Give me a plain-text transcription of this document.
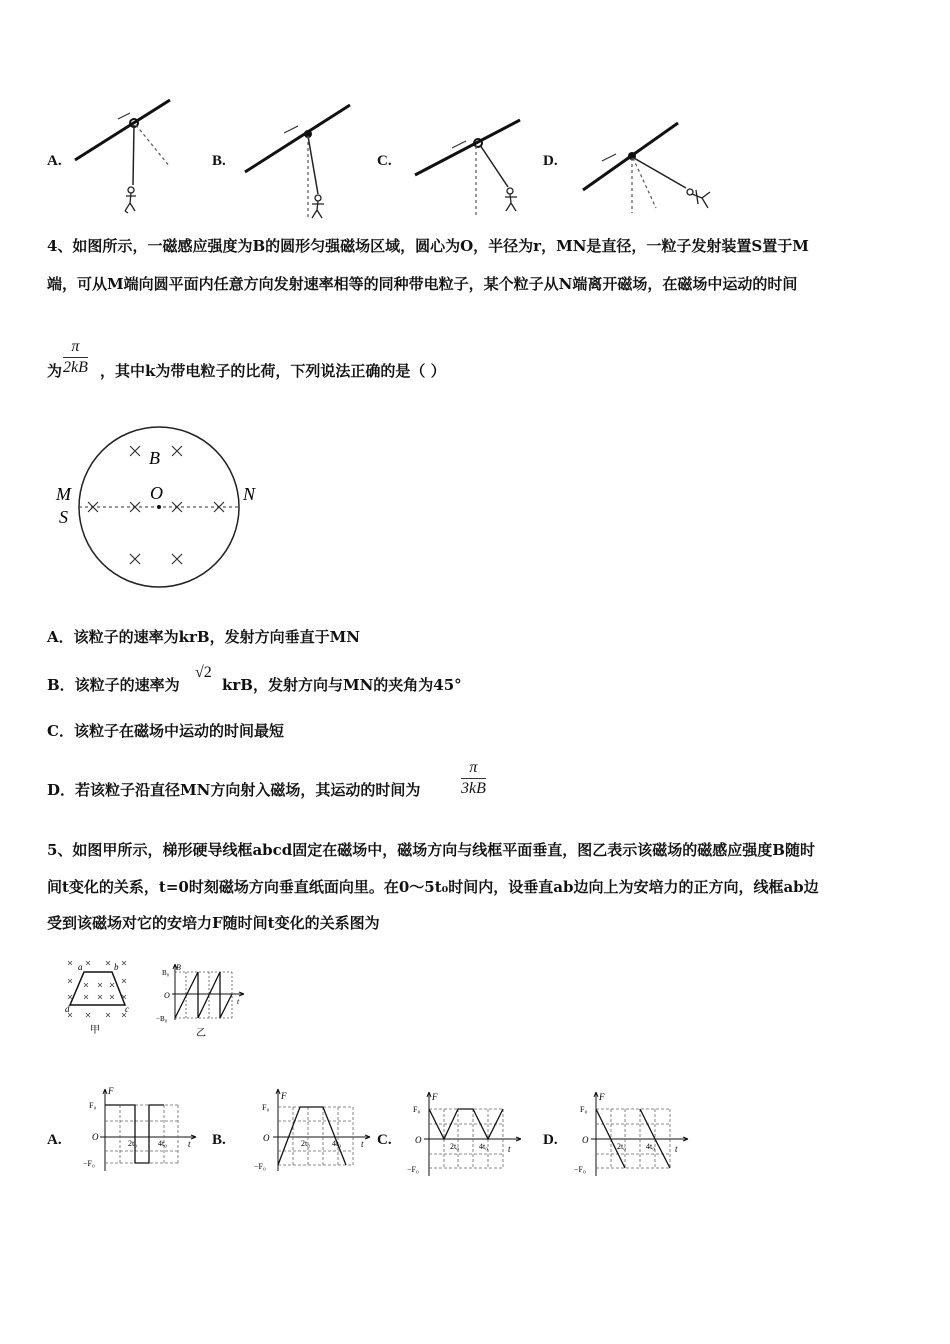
A.	B.	C.	D.
4、如图所示，一磁感应强度为B的圆形匀强磁场区域，圆心为O，半径为r，MN是直径，一粒子发射装置S置于M
端，可从M端向圆平面内任意方向发射速率相等的同种带电粒子，某个粒子从N端离开磁场，在磁场中运动的时间
为 $\frac{\pi}{2kB}$ ，其中k为带电粒子的比荷，下列说法正确的是（ ）
B
O
M
S
N
A．该粒子的速率为krB，发射方向垂直于MN
B．该粒子的速率为
√2
krB，发射方向与MN的夹角为45°
C．该粒子在磁场中运动的时间最短
D．若该粒子沿直径MN方向射入磁场，其运动的时间为	$\frac{\pi}{3kB}$
5、如图甲所示，梯形硬导线框abcd固定在磁场中，磁场方向与线框平面垂直，图乙表示该磁场的磁感应强度B随时
间t变化的关系，t=0时刻磁场方向垂直纸面向里。在0～5t₀时间内，设垂直ab边向上为安培力的正方向，线框ab边
受到该磁场对它的安培力F随时间t变化的关系图为
a	b
d	c
甲
B
B₀
O
−B₀
t
乙
A.
F
F₀
O
−F₀
2t₀	4t₀ t B.
F
F₀
O
−F₀
2t₀	4t₀ t C.
F
F₀
O
−F₀
2t₀ 4t₀ t
D.
F
F₀
O
−F₀
2t₀ 4t₀ t
